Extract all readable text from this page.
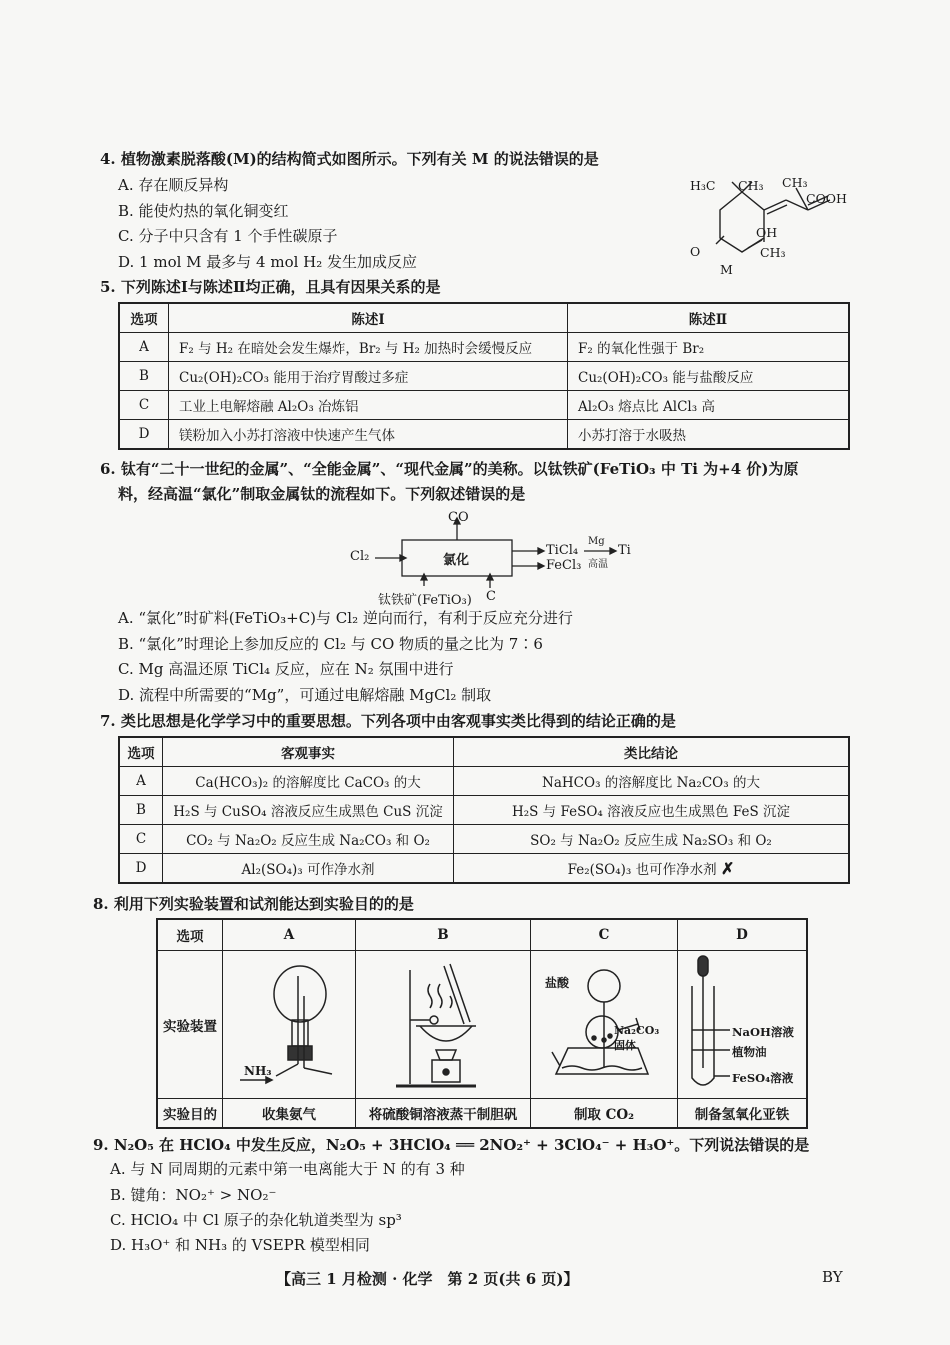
4. 植物激素脱落酸(M)的结构简式如图所示。下列有关 M 的说法错误的是
A. 存在顺反异构
B. 能使灼热的氧化铜变红
C. 分子中只含有 1 个手性碳原子
D. 1 mol M 最多与 4 mol H₂ 发生加成反应
H₃C CH₃ CH₃
COOH
OH
CH₃
O
M
5. 下列陈述Ⅰ与陈述Ⅱ均正确，且具有因果关系的是
选项	陈述Ⅰ	陈述Ⅱ
A	F₂ 与 H₂ 在暗处会发生爆炸，Br₂ 与 H₂ 加热时会缓慢反应	F₂ 的氧化性强于 Br₂
B	Cu₂(OH)₂CO₃ 能用于治疗胃酸过多症	Cu₂(OH)₂CO₃ 能与盐酸反应
C	工业上电解熔融 Al₂O₃ 冶炼铝	Al₂O₃ 熔点比 AlCl₃ 高
D	镁粉加入小苏打溶液中快速产生气体	小苏打溶于水吸热
6. 钛有“二十一世纪的金属”、“全能金属”、“现代金属”的美称。以钛铁矿(FeTiO₃ 中 Ti 为+4 价)为原
料，经高温“氯化”制取金属钛的流程如下。下列叙述错误的是
CO
Cl₂	氯化
TiCl₄
FeCl₃
Mg
高温
Ti
钛铁矿(FeTiO₃) C
A. “氯化”时矿料(FeTiO₃+C)与 Cl₂ 逆向而行，有利于反应充分进行
B. “氯化”时理论上参加反应的 Cl₂ 与 CO 物质的量之比为 7∶6
C. Mg 高温还原 TiCl₄ 反应，应在 N₂ 氛围中进行
D. 流程中所需要的“Mg”，可通过电解熔融 MgCl₂ 制取
7. 类比思想是化学学习中的重要思想。下列各项中由客观事实类比得到的结论正确的是
选项	客观事实	类比结论
A	Ca(HCO₃)₂ 的溶解度比 CaCO₃ 的大	NaHCO₃ 的溶解度比 Na₂CO₃ 的大
B	H₂S 与 CuSO₄ 溶液反应生成黑色 CuS 沉淀	H₂S 与 FeSO₄ 溶液反应也生成黑色 FeS 沉淀
C	CO₂ 与 Na₂O₂ 反应生成 Na₂CO₃ 和 O₂	SO₂ 与 Na₂O₂ 反应生成 Na₂SO₃ 和 O₂
D	Al₂(SO₄)₃ 可作净水剂	Fe₂(SO₄)₃ 也可作净水剂 ✗
8. 利用下列实验装置和试剂能达到实验目的的是
选项	A	B	C	D
实验装置				
实验目的	收集氨气	将硫酸铜溶液蒸干制胆矾	制取 CO₂	制备氢氧化亚铁
NH₃
盐酸
Na₂CO₃
固体
NaOH溶液
植物油
FeSO₄溶液
9. N₂O₅ 在 HClO₄ 中发生反应，N₂O₅ + 3HClO₄ ══ 2NO₂⁺ + 3ClO₄⁻ + H₃O⁺。下列说法错误的是
A. 与 N 同周期的元素中第一电离能大于 N 的有 3 种
B. 键角：NO₂⁺ > NO₂⁻
C. HClO₄ 中 Cl 原子的杂化轨道类型为 sp³
D. H₃O⁺ 和 NH₃ 的 VSEPR 模型相同
【高三 1 月检测 · 化学　第 2 页(共 6 页)】	BY
